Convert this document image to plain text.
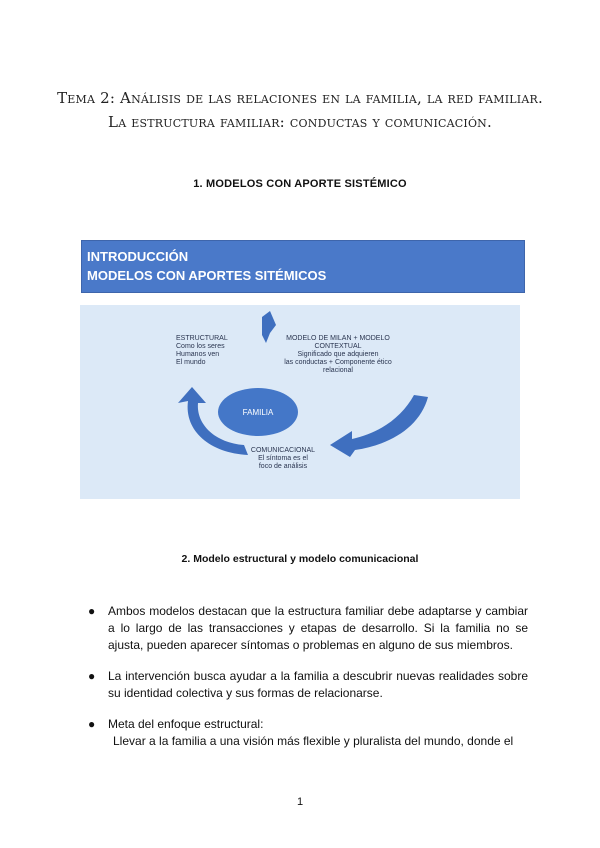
Tema 2: Análisis de las relaciones en la familia, la red familiar.
La estructura familiar: conductas y comunicación.
1. MODELOS CON APORTE SISTÉMICO
INTRODUCCIÓN
MODELOS CON APORTES SITÉMICOS
FAMILIA
ESTRUCTURAL
Como los seres
Humanos ven
El mundo
MODELO DE MILAN + MODELO
CONTEXTUAL
Significado que adquieren
las conductas + Componente ético
relacional
COMUNICACIONAL
El síntoma es el
foco de análisis
2. Modelo estructural y modelo comunicacional
● Ambos modelos destacan que la estructura familiar debe adaptarse y cambiar a lo largo de las transacciones y etapas de desarrollo. Si la familia no se ajusta, pueden aparecer síntomas o problemas en alguno de sus miembros.
● La intervención busca ayudar a la familia a descubrir nuevas realidades sobre su identidad colectiva y sus formas de relacionarse.
● Meta del enfoque estructural:
Llevar a la familia a una visión más flexible y pluralista del mundo, donde el
1
